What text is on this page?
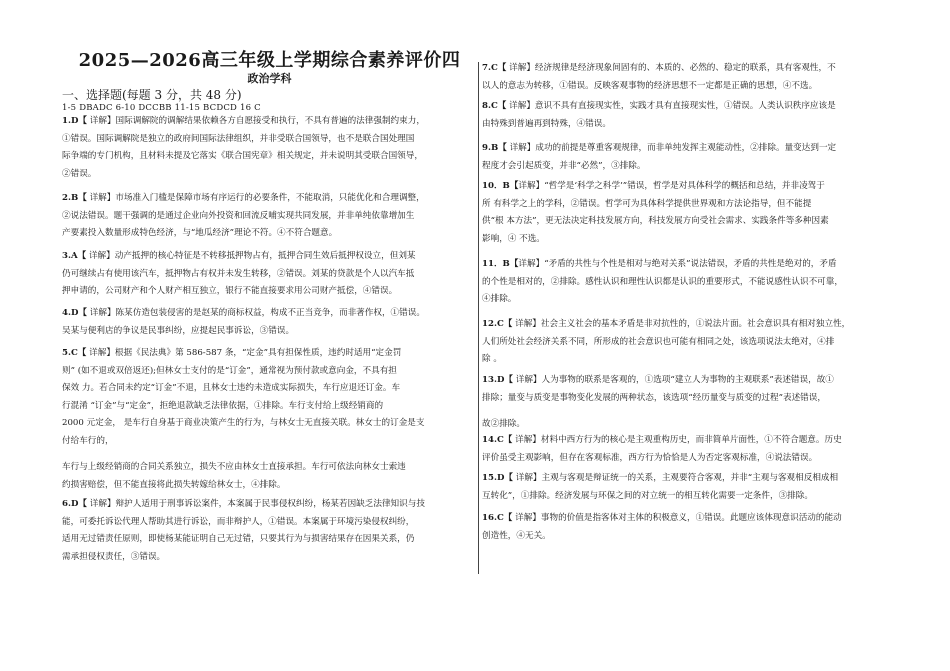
2025—2026高三年级上学期综合素养评价四
政治学科
一、选择题(每题 3 分，共 48 分)
1-5 DBADC 6-10 DCCBB 11-15 BCDCD 16 C
1.D【 详解】国际调解院的调解结果依赖各方自愿接受和执行，不具有普遍的法律强制约束力，
①错误。国际调解院是独立的政府间国际法律组织，并非受联合国领导，也不是联合国处理国
际争端的专门机构，且材料未提及它落实《联合国宪章》相关规定，并未说明其受联合国领导，
②错误。
2.B【 详解】市场准入门槛是保障市场有序运行的必要条件，不能取消，只能优化和合理调整，
②说法错误。题干强调的是通过企业向外投资和回流反哺实现共同发展，并非单纯依靠增加生
产要素投入数量形成特色经济，与“地瓜经济”理论不符。④不符合题意。
3.A【 详解】动产抵押的核心特征是不转移抵押物占有，抵押合同生效后抵押权设立，但刘某
仍可继续占有使用该汽车，抵押物占有权并未发生转移，②错误。刘某的贷款是个人以汽车抵
押申请的，公司财产和个人财产相互独立，银行不能直接要求用公司财产抵偿，④错误。
4.D【 详解】陈某仿造包装侵害的是赵某的商标权益，构成不正当竞争，而非著作权，①错误。
吴某与便利店的争议是民事纠纷，应提起民事诉讼，③错误。
5.C【 详解】根据《民法典》第 586-587 条，“定金”具有担保性质，违约时适用“定金罚
则” (如不退或双倍返还);但林女士支付的是“订金”，通常视为预付款或意向金，不具有担
保效 力。若合同未约定“订金”不退，且林女士违约未造成实际损失，车行应退还订金。车
行混淆 “订金”与“定金”，拒绝退款缺乏法律依据，①排除。车行支付给上级经销商的
2000 元定金， 是车行自身基于商业决策产生的行为，与林女士无直接关联。林女士的订金是支
付给车行的，
车行与上级经销商的合同关系独立，损失不应由林女士直接承担。车行可依法向林女士索违
约损害赔偿，但不能直接将此损失转嫁给林女士，④排除。
6.D【 详解】辩护人适用于刑事诉讼案件，本案属于民事侵权纠纷，杨某若因缺乏法律知识与技
能，可委托诉讼代理人帮助其进行诉讼，而非辩护人，①错误。本案属于环境污染侵权纠纷，
适用无过错责任原则，即使杨某能证明自己无过错，只要其行为与损害结果存在因果关系，仍
需承担侵权责任，③错误。
7.C【 详解】经济规律是经济现象间固有的、本质的、必然的、稳定的联系，具有客观性，不
以人的意志为转移，①错误。反映客观事物的经济思想不一定都是正确的思想，④不选。
8.C【 详解】意识不具有直接现实性，实践才具有直接现实性，①错误。人类认识秩序应该是
由特殊到普遍再到特殊，④错误。
9.B【 详解】成功的前提是尊重客观规律，而非单纯发挥主观能动性，②排除。量变达到一定
程度才会引起质变，并非“必然”，③排除。
10．B【详解】“哲学是‘科学之科学’”错误，哲学是对具体科学的概括和总结，并非凌驾于
所 有科学之上的学科，②错误。哲学可为具体科学提供世界观和方法论指导，但不能提
供“根 本方法”，更无法决定科技发展方向，科技发展方向受社会需求、实践条件等多种因素
影响，④ 不选。
11．B【详解】“矛盾的共性与个性是相对与绝对关系”说法错误，矛盾的共性是绝对的，矛盾
的个性是相对的，②排除。感性认识和理性认识都是认识的重要形式，不能说感性认识不可靠，
④排除。
12.C【 详解】社会主义社会的基本矛盾是非对抗性的，①说法片面。社会意识具有相对独立性，
人们所处社会经济关系不同，所形成的社会意识也可能有相同之处，该选项说法太绝对，④排
除 。
13.D【 详解】人为事物的联系是客观的，①选项“建立人为事物的主观联系”表述错误，故①
排除；量变与质变是事物变化发展的两种状态，该选项“经历量变与质变的过程”表述错误，
故②排除。
14.C【 详解】材料中西方行为的核心是主观重构历史，而非简单片面性，①不符合题意。历史
评价虽受主观影响，但存在客观标准，西方行为恰恰是人为否定客观标准，④说法错误。
15.D【 详解】主观与客观是辩证统一的关系，主观要符合客观，并非“主观与客观相反相成相
互转化”，①排除。经济发展与环保之间的对立统一的相互转化需要一定条件，③排除。
16.C【 详解】事物的价值是指客体对主体的积极意义，①错误。此题应该体现意识活动的能动
创造性，④无关。
